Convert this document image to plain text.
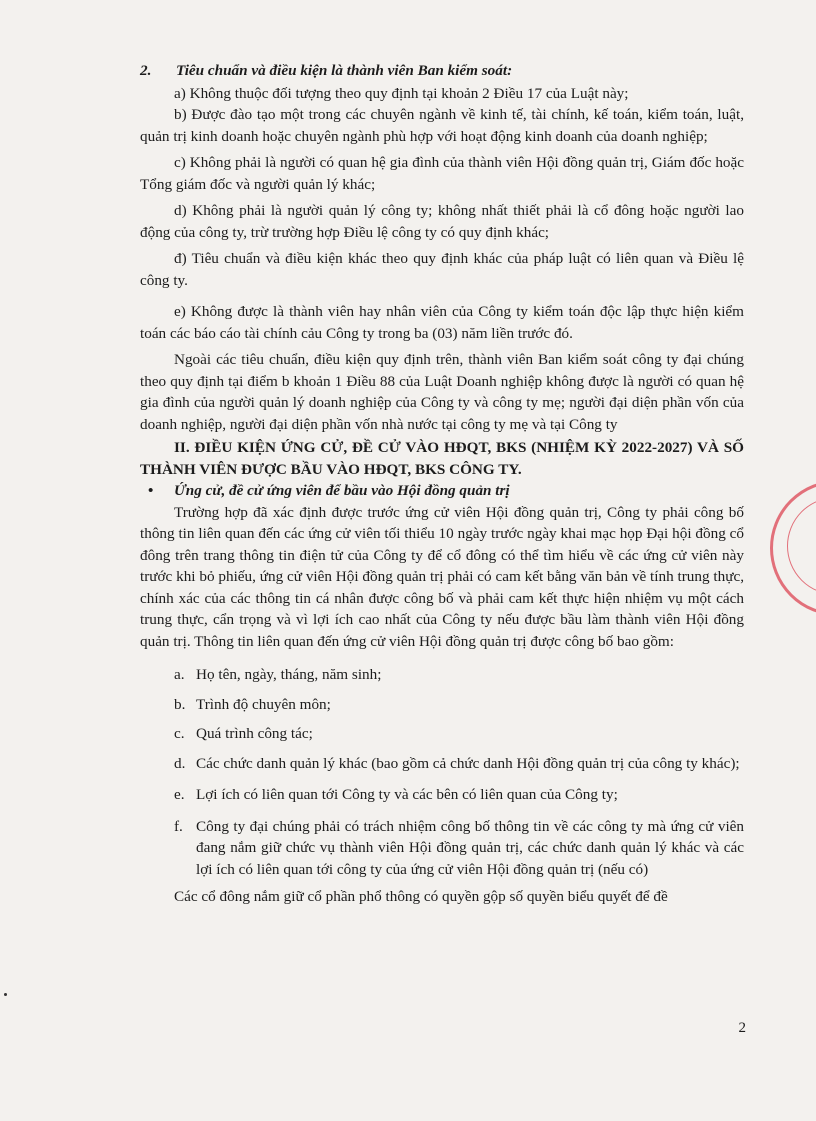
2.	Tiêu chuẩn và điều kiện là thành viên Ban kiểm soát:

a) Không thuộc đối tượng theo quy định tại khoản 2 Điều 17 của Luật này;

b) Được đào tạo một trong các chuyên ngành về kinh tế, tài chính, kế toán, kiểm toán, luật, quản trị kinh doanh hoặc chuyên ngành phù hợp với hoạt động kinh doanh của doanh nghiệp;

c) Không phải là người có quan hệ gia đình của thành viên Hội đồng quản trị, Giám đốc hoặc Tổng giám đốc và người quản lý khác;

d) Không phải là người quản lý công ty; không nhất thiết phải là cổ đông hoặc người lao động của công ty, trừ trường hợp Điều lệ công ty có quy định khác;

đ) Tiêu chuẩn và điều kiện khác theo quy định khác của pháp luật có liên quan và Điều lệ công ty.

e) Không được là thành viên hay nhân viên của Công ty kiểm toán độc lập thực hiện kiểm toán các báo cáo tài chính cảu Công ty trong ba (03) năm liền trước đó.

Ngoài các tiêu chuẩn, điều kiện quy định trên, thành viên Ban kiểm soát công ty đại chúng theo quy định tại điểm b khoản 1 Điều 88 của Luật Doanh nghiệp không được là người có quan hệ gia đình của người quản lý doanh nghiệp của Công ty và công ty mẹ; người đại diện phần vốn của doanh nghiệp, người đại diện phần vốn nhà nước tại công ty mẹ và tại Công ty

II. ĐIỀU KIỆN ỨNG CỬ, ĐỀ CỬ VÀO HĐQT, BKS (NHIỆM KỲ 2022-2027) VÀ SỐ THÀNH VIÊN ĐƯỢC BẦU VÀO HĐQT, BKS CÔNG TY.

• Ứng cử, đề cử ứng viên để bầu vào Hội đồng quản trị

Trường hợp đã xác định được trước ứng cử viên Hội đồng quản trị, Công ty phải công bố thông tin liên quan đến các ứng cử viên tối thiểu 10 ngày trước ngày khai mạc họp Đại hội đồng cổ đông trên trang thông tin điện tử của Công ty để cổ đông có thể tìm hiểu về các ứng cử viên này trước khi bỏ phiếu, ứng cử viên Hội đồng quản trị phải có cam kết bằng văn bản về tính trung thực, chính xác của các thông tin cá nhân được công bố và phải cam kết thực hiện nhiệm vụ một cách trung thực, cẩn trọng và vì lợi ích cao nhất của Công ty nếu được bầu làm thành viên Hội đồng quản trị. Thông tin liên quan đến ứng cử viên Hội đồng quản trị được công bố bao gồm:

a. Họ tên, ngày, tháng, năm sinh;
b. Trình độ chuyên môn;
c. Quá trình công tác;
d. Các chức danh quản lý khác (bao gồm cả chức danh Hội đồng quản trị của công ty khác);
e. Lợi ích có liên quan tới Công ty và các bên có liên quan của Công ty;
f. Công ty đại chúng phải có trách nhiệm công bố thông tin về các công ty mà ứng cử viên đang nắm giữ chức vụ thành viên Hội đồng quản trị, các chức danh quản lý khác và các lợi ích có liên quan tới công ty của ứng cử viên Hội đồng quản trị (nếu có)

Các cổ đông nắm giữ cổ phần phổ thông có quyền gộp số quyền biểu quyết để đề

2
